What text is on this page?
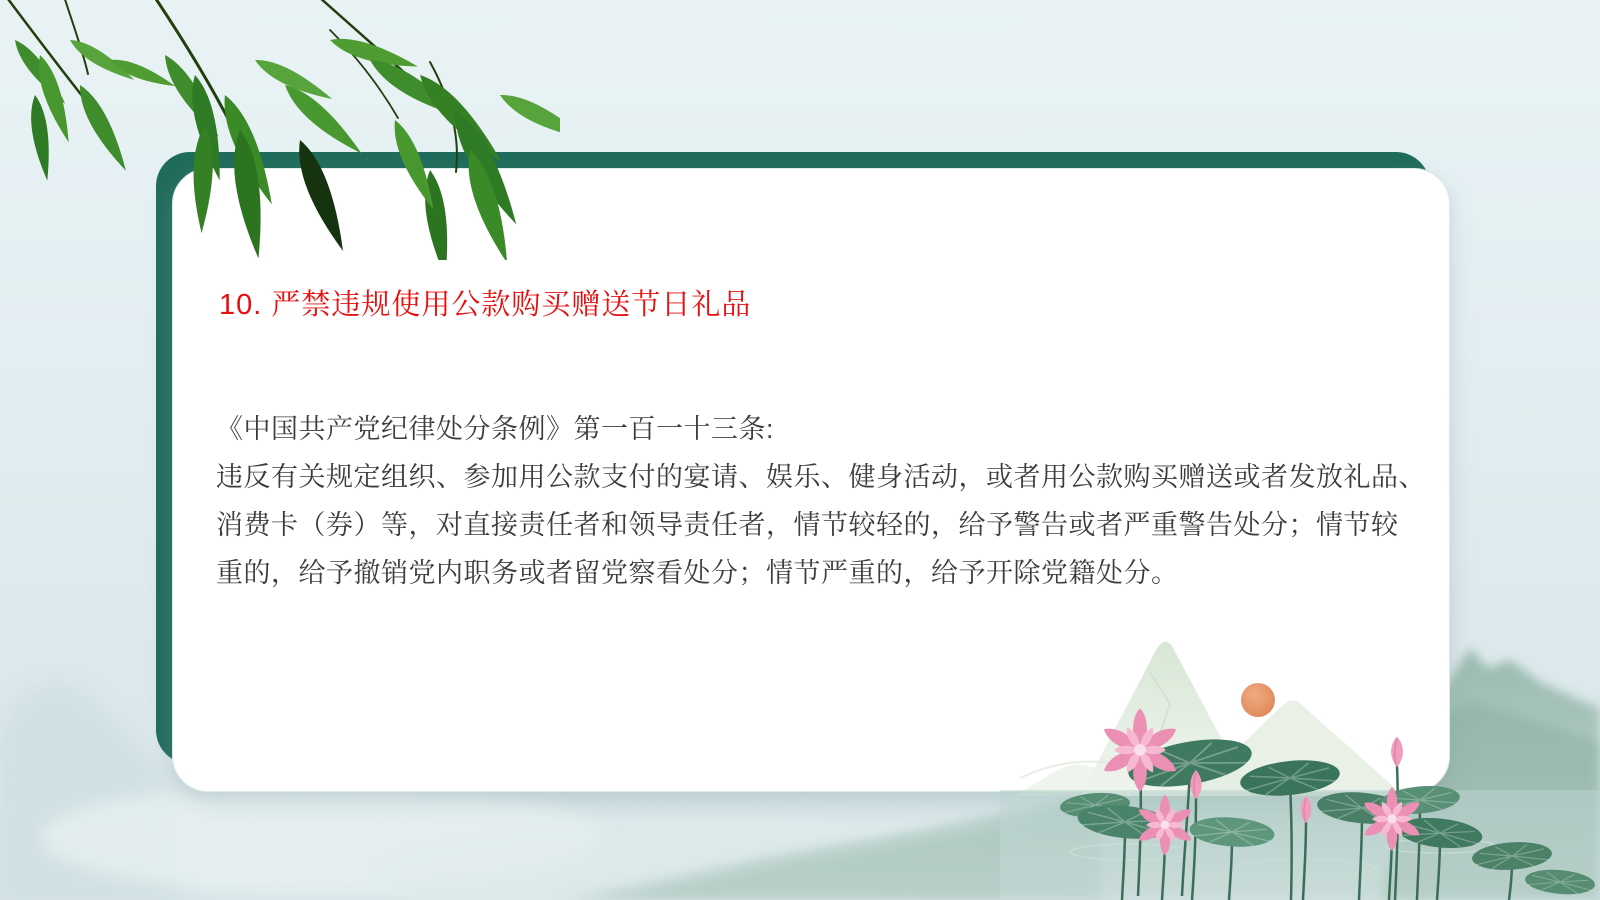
10. 严禁违规使用公款购买赠送节日礼品
《中国共产党纪律处分条例》第一百一十三条:
违反有关规定组织、参加用公款支付的宴请、娱乐、健身活动，或者用公款购买赠送或者发放礼品、
消费卡（券）等，对直接责任者和领导责任者，情节较轻的，给予警告或者严重警告处分；情节较
重的，给予撤销党内职务或者留党察看处分；情节严重的，给予开除党籍处分。
